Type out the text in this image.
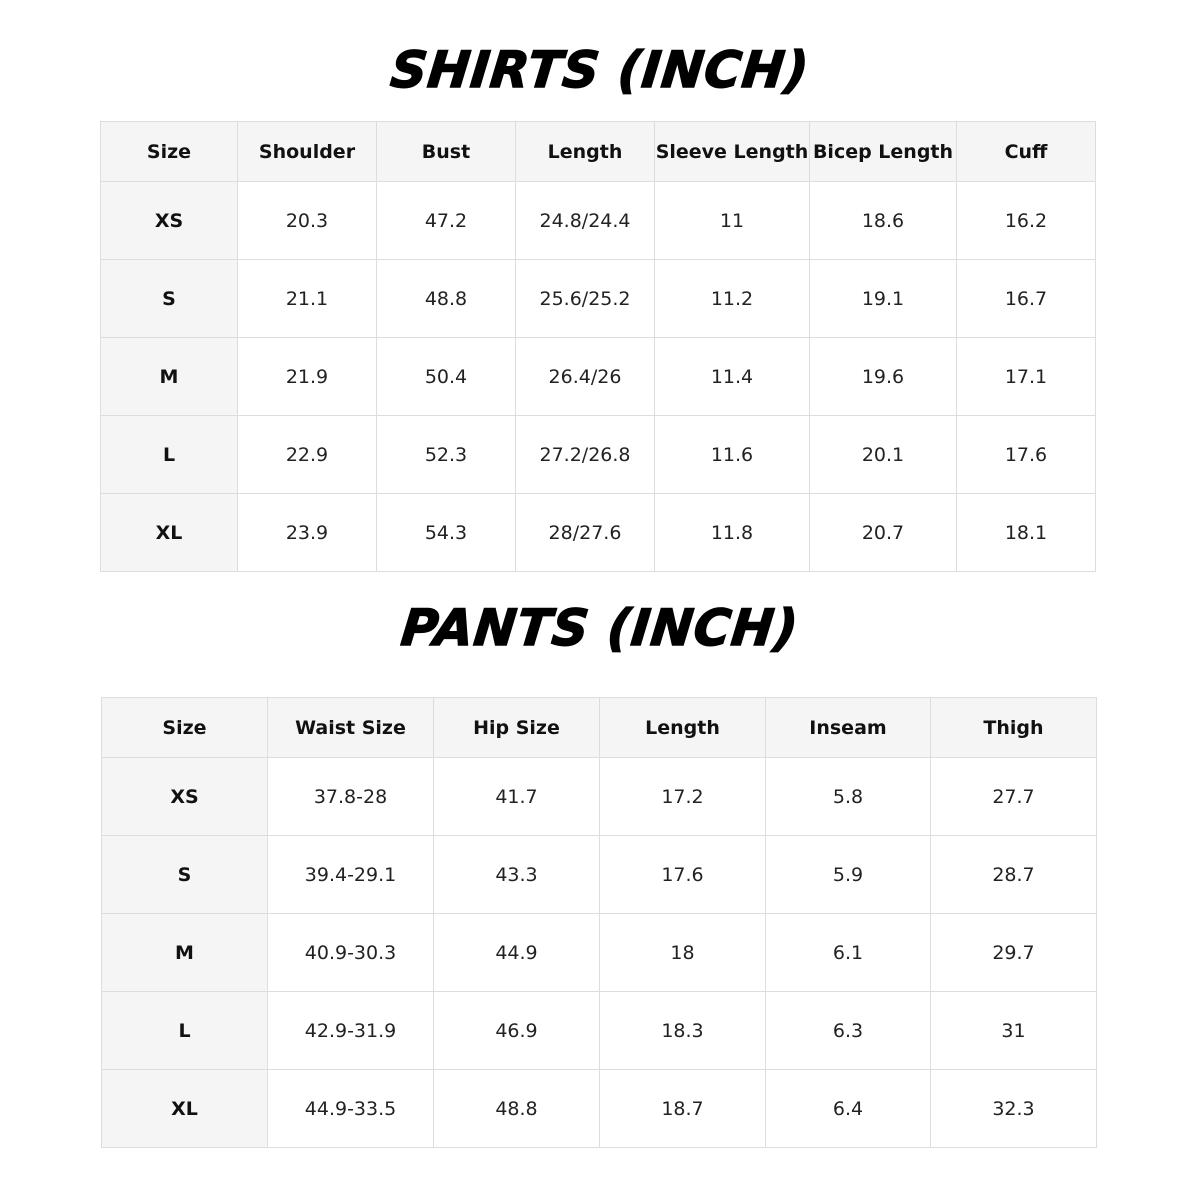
SHIRTS (INCH)
Size	Shoulder	Bust	Length	Sleeve Length	Bicep Length	Cuff
XS	20.3	47.2	24.8/24.4	11	18.6	16.2
S	21.1	48.8	25.6/25.2	11.2	19.1	16.7
M	21.9	50.4	26.4/26	11.4	19.6	17.1
L	22.9	52.3	27.2/26.8	11.6	20.1	17.6
XL	23.9	54.3	28/27.6	11.8	20.7	18.1
PANTS (INCH)
Size	Waist Size	Hip Size	Length	Inseam	Thigh
XS	37.8-28	41.7	17.2	5.8	27.7
S	39.4-29.1	43.3	17.6	5.9	28.7
M	40.9-30.3	44.9	18	6.1	29.7
L	42.9-31.9	46.9	18.3	6.3	31
XL	44.9-33.5	48.8	18.7	6.4	32.3
